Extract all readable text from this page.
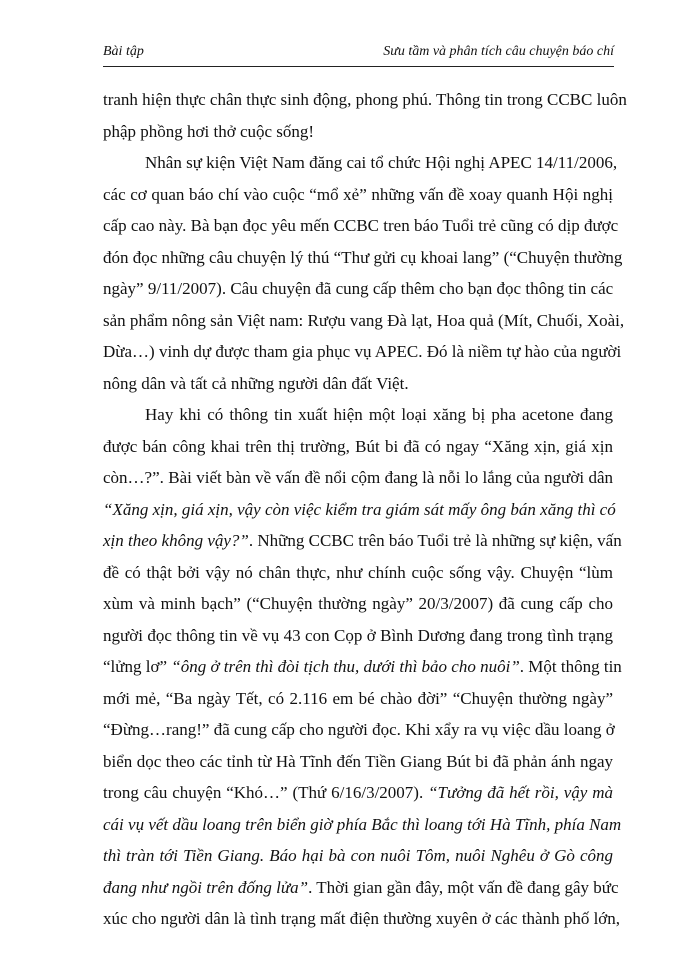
Bài tập	Sưu tầm và phân tích câu chuyện báo chí
tranh hiện thực chân thực sinh động, phong phú. Thông tin trong CCBC luôn
phập phồng hơi thở cuộc sống!
Nhân sự kiện Việt Nam đăng cai tổ chức Hội nghị APEC 14/11/2006,
các cơ quan báo chí vào cuộc “mổ xẻ” những vấn đề xoay quanh Hội nghị
cấp cao này. Bà bạn đọc yêu mến CCBC tren báo Tuổi trẻ cũng có dịp được
đón đọc những câu chuyện lý thú “Thư gửi cụ khoai lang” (“Chuyện thường
ngày” 9/11/2007). Câu chuyện đã cung cấp thêm cho bạn đọc thông tin các
sản phẩm nông sản Việt nam: Rượu vang Đà lạt, Hoa quả (Mít, Chuối, Xoài,
Dừa…) vinh dự được tham gia phục vụ APEC. Đó là niềm tự hào của người
nông dân và tất cả những người dân đất Việt.
Hay khi có thông tin xuất hiện một loại xăng bị pha acetone đang
được bán công khai trên thị trường, Bút bi đã có ngay “Xăng xịn, giá xịn
còn…?”. Bài viết bàn về vấn đề nổi cộm đang là nỗi lo lắng của người dân
“Xăng xịn, giá xịn, vậy còn việc kiểm tra giám sát mấy ông bán xăng thì có
xịn theo không vậy?”. Những CCBC trên báo Tuổi trẻ là những sự kiện, vấn
đề có thật bởi vậy nó chân thực, như chính cuộc sống vậy. Chuyện “lùm
xùm và minh bạch” (“Chuyện thường ngày” 20/3/2007) đã cung cấp cho
người đọc thông tin về vụ 43 con Cọp ở Bình Dương đang trong tình trạng
“lửng lơ” “ông ở trên thì đòi tịch thu, dưới thì bảo cho nuôi”. Một thông tin
mới mẻ, “Ba ngày Tết, có 2.116 em bé chào đời” “Chuyện thường ngày”
“Đừng…rang!” đã cung cấp cho người đọc. Khi xẩy ra vụ việc dầu loang ở
biển dọc theo các tỉnh từ Hà Tĩnh đến Tiền Giang Bút bi đã phản ánh ngay
trong câu chuyện “Khó…” (Thứ 6/16/3/2007). “Tưởng đã hết rồi, vậy mà
cái vụ vết dầu loang trên biển giờ phía Bắc thì loang tới Hà Tĩnh, phía Nam
thì tràn tới Tiền Giang. Báo hại bà con nuôi Tôm, nuôi Nghêu ở Gò công
đang như ngồi trên đống lửa”. Thời gian gần đây, một vấn đề đang gây bức
xúc cho người dân là tình trạng mất điện thường xuyên ở các thành phố lớn,
